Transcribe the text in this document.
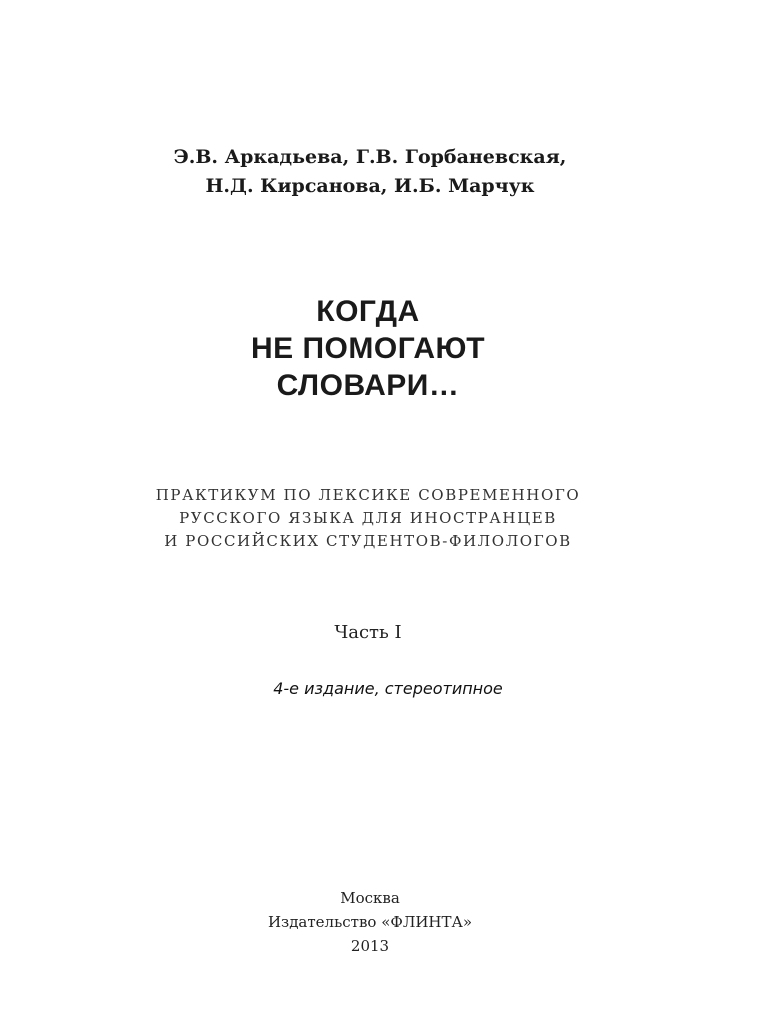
Э.В. Аркадьева, Г.В. Горбаневская,
Н.Д. Кирсанова, И.Б. Марчук
КОГДА
НЕ ПОМОГАЮТ
СЛОВАРИ…
ПРАКТИКУМ ПО ЛЕКСИКЕ СОВРЕМЕННОГО
РУССКОГО ЯЗЫКА ДЛЯ ИНОСТРАНЦЕВ
И РОССИЙСКИХ СТУДЕНТОВ-ФИЛОЛОГОВ
Часть I
4-е издание, стереотипное
Москва
Издательство «ФЛИНТА»
2013
